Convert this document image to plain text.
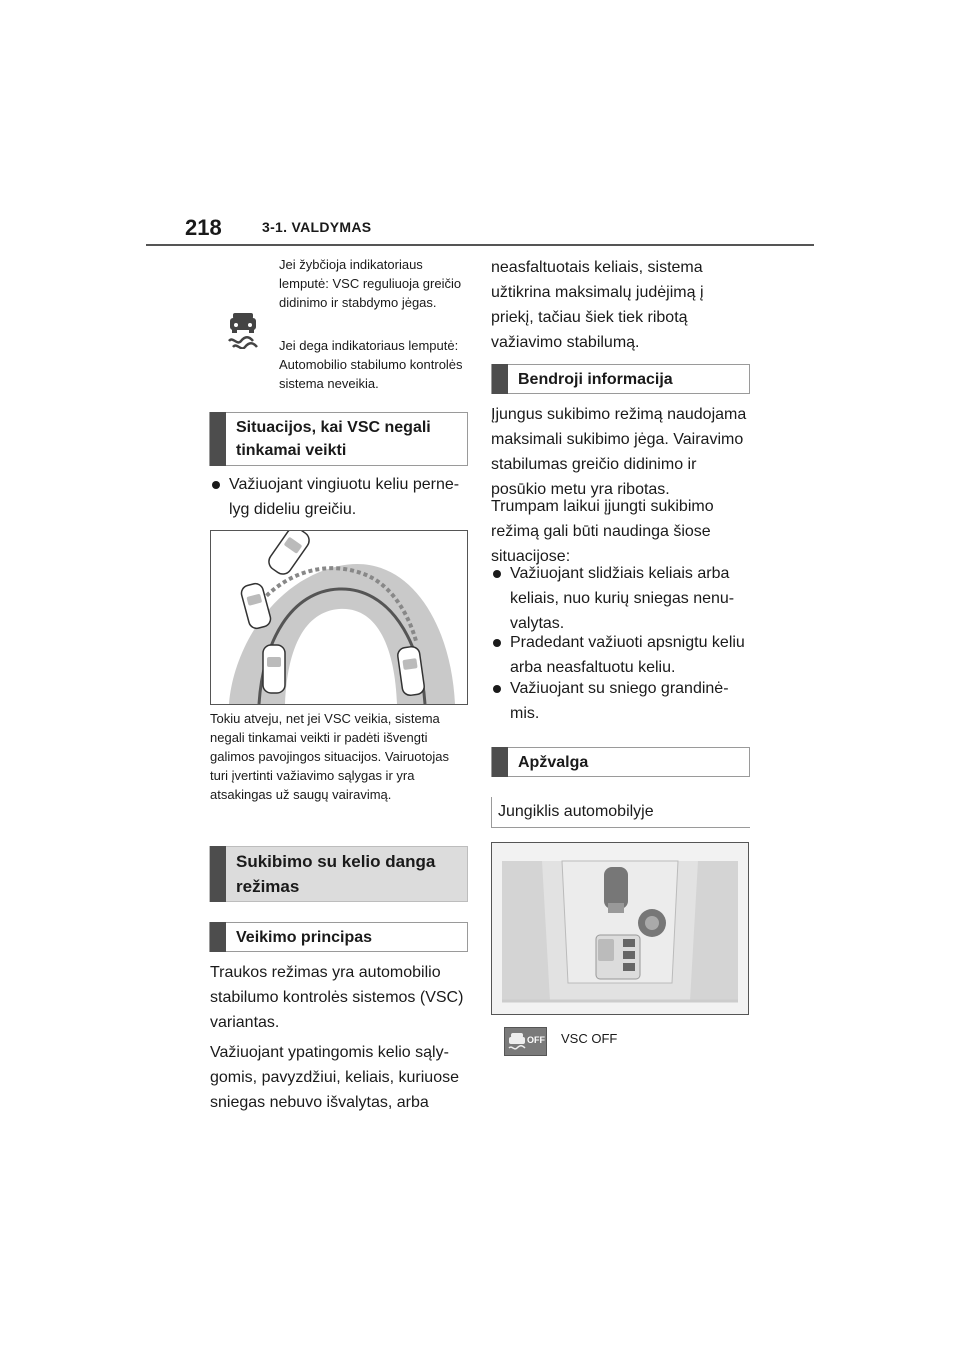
218	3-1. VALDYMAS
Jei žybčioja indikatoriaus lemputė: VSC reguliuoja greičio didinimo ir stabdymo jėgas.
Jei dega indikatoriaus lemputė: Automobilio stabilumo kontrolės sistema neveikia.
Situacijos, kai VSC negali tinkamai veikti
Važiuojant vingiuotu keliu perne- lyg dideliu greičiu.
Tokiu atveju, net jei VSC veikia, sistema negali tinkamai veikti ir padėti išvengti galimos pavojingos situacijos. Vairuotojas turi įvertinti važiavimo sąlygas ir yra atsakingas už saugų vairavimą.
Sukibimo su kelio danga režimas
Veikimo principas
Traukos režimas yra automobilio stabilumo kontrolės sistemos (VSC) variantas.
Važiuojant ypatingomis kelio sąly- gomis, pavyzdžiui, keliais, kuriuose sniegas nebuvo išvalytas, arba
neasfaltuotais keliais, sistema užtikrina maksimalų judėjimą į priekį, tačiau šiek tiek ribotą važiavimo stabilumą.
Bendroji informacija
Įjungus sukibimo režimą naudojama maksimali sukibimo jėga. Vairavimo stabilumas greičio didinimo ir posūkio metu yra ribotas.
Trumpam laikui įjungti sukibimo režimą gali būti naudinga šiose situacijose:
Važiuojant slidžiais keliais arba keliais, nuo kurių sniegas nenu- valytas.
Pradedant važiuoti apsnigtu keliu arba neasfaltuotu keliu.
Važiuojant su sniego grandinė- mis.
Apžvalga
Jungiklis automobilyje
OFF VSC OFF
